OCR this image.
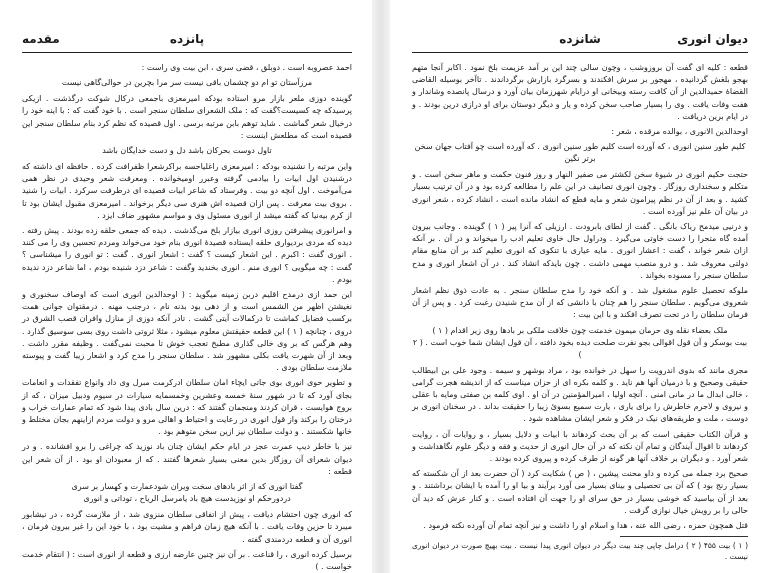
پانزده
مقدمه

احمد عصروبه است . دوبلق ، قضى سرى ، ابن بيت وى راست :

مرزآستان تو ام دو چشمان باقی نیست سر مرا بچرین در حوالی‌گاهی نیست

گوینده دوزى ملعر بازار مرو استاده بودکه امیرمعزى باجمعى درکال شوکت درگذشت . ازیکی پرسیدکه چه کسیست؟گفت که : ملک الشعرای سلطان سنجر است . با خود گفت که : با اینه خود را درخیال شعر گماشت . شاید توهم بابن مرتبه برسی . اول قصیده که نظم کرد بنام سلطان سنجر این قصیده است که مطلعش اینست :

تاول‌ دوست بحرکان باشد دل و دست خدایگان باشد

واین مرتبه را نشنیده بودکه : امیرمعزى راغلیاحسه براکرشعرا ظفرافت کرده . حافظه ای داشته که درشنیدن اول ابیات را بیادمی گرفته وعبرر اومیخوانده . ومعرفت شعر وحیدی در نظر همی می‌آموخت . اول آنچه دو بیت . وفرستاد که شاعر ابیات قصیده ای درطرفت سرکرد . ابیات را شنید . بروی بیت معرفت . پس ازان قصیده اش هنری سی دیگر برخواند . امیرمعزى مقبول ایشان بود تا از کرم بیه‌نیا که گفته میشد از انوری مسئول وی و مواسم مشهور ضاف ایزد .

و امرانوری پیشرفتن روزی انوری بیازار بلخ می‌گذشت . دیده که جمعی حلقه زده بودند . پیش رفته . دیده که مردی بردیواری حلقه ایستاده قصیدهٔ انوری بنام خود می‌خواند ومردم تحسین وی را می کنند . انوری گفت : اکبرم . این اشعار کیست ؟ گفت : اشعار انوری . گفت : تو انوری را میشناسی ؟ گفت : چه میگویی ؟ انوری منم . انوری بخندید وگفت : شاعر دزد شنیده بودم ، اما شاعر دزد ندیده بودم .

این حمد ازی درمدح اقلیم دربن زمینه میگوید : ( اوحدالدین انوری است که اوصاف سخنوری و نغیشتن اظهر من الشمس است و از دهی بود بدنه نام ، درجنب مهنه . درمقتوان جوانی همت برکسب فضایل کماشت تا درکمالات آیتی گشت . تادر آنکه دوزی از منازل وافران قصب الشرق در دروی ، چنانچه ( ۱ ) این قطعه حقیقتش معلوم میشود ، مثلا ثروتی داشت روی بسی سوسیق گذارد . وهم هرگس که بر وی خالی گذاری مطبخ تعجب خوش تا محبت نمی‌گفت . وظیفه مقرر داشت . وبعد از آن شهرت یافت بکلی مشهور شد . سلطان سنجر را مدح کرد و اشعار زیبا گفت و پیوسته ملازمت سلطان بودی .

و تطویر حوی انوری بوی جاتی ایچاء امان سلطان ادرکرمت مبرل وی داد وانواع تفقدات و انعامات بجای آورد که تا در شهور سنهٔ خمسه وعشرین وخمسمایه سیارات در سیوم ودبیل میزان ، که از بروج هوایست ، قران کردند ومنجمان گفتند که : درین سال بادی پیدا شود که تمام عمارات خراب و درختان را برکند واز قول انوری در رعایت و احتیاط و اهالی مرو و دولت مردم ازاینهم بجان مختلط و خانها شکستند . و دولت سلطان نیز ازین سخن متوهم بود .

نیز با خاطر دیپ عمرت عجز در ایام حکم ایشان چنان باد نوزید که چراغی را برو افشانده . و در دیوان شعرای آن روزگار بدین معنی بسیار شعرها گفتند . که از معبودان او بود . از آن شعر این قطعه :

گفتا انوری که از اثر بادهای سخت ویران شودعمارت و کهسار بر سری
دردورحکم او نوزیدست هیچ باد یامرسل الریاح ، توداتی و انوری

که انوری چون احتشام دیافت ، پیش از اتفاقی سلطان منزوی شد ، از ملازمت گرده ، در نیشابور میبرد تا حزین وفات یافت . با آنکه هیچ زمان فراهم و مشیت بود ، با خود این را غیر بیرون فرمان ، انوری آن و قطعه دردمندی گفته .

برسیل کرده انوری ، را قناعت . بر آن نیز چنین عارضه ارزی و قطعه از انوری است : ( انتقام خدمت خواست . )

دیوان انوری
شانزده

قطعه : کلیه ای گفت آن بروزوشب ، وچون سالی چند این بر آمد عزیمت بلخ نمود . اکابر آنجا متهم بهجو بلغش گردانیده ، مهجور بر سرش افکندند و بسرگرد بازارش برگرداندند . تاآخر بوسیله القاضی القضاهٔ حمیدالدین از آن کافت رسته وبیخانی او درایام شهرزمان بیان آورد و درسال پانصده وشاندار و هفت وفات یافت . وی را بسیار صاحب سخن کرده و یار و دیگر دوستان برای او درازی درین بودند . و در ایام برین دریافت .

اوحدالدین الانوری ، بوالده مرقده ، شعر :

کلیم طور سنین انوری ، که آورده است کلیم طور سنین انوری . که آورده است چو آفتاب جهان سخن برتر نگین

حتجت حکیم انوری در شیوهٔ سخن لکشتر می صفیر النهار و روز فنون حکمت و ماهر سخن است . و متکلم و سخنداری روزگار . وچون انوری تصانیف در این علم را مطالعه کرده بود و در آن ترتیب بسیار کشید . و بعد از آن در نظم پیرامون شعر و مایه قطع که انشاد مانده است ، انشاد کرده ، شعر انوری در بیان آن علم نیز آورده است .

و درنیی میدمح ریاک بانگی . گفت از لطای بابرودت . ارزیلی که آنرا پیر ( ۱ ) گوینده . وجانب بیرون آمده گاه متحرا را دست خاوتی می‌گیرد . ودراول حال خاوی تعلیم ادب را میخواند و در آن . بر آنکه ازان شعر خواند ، گفت : اعشار انوری . مایه عیاری با تنکوی که انوری تعلیم کند بر آن منابع مقام دولتی معروف شد . و درو منصب مهمی داشت . چون بایدکه انشاد کند . در آن اشعار انوری و مدح سلطان سنجر را مسوده بخواند .

ملوکه تحصیل علوم مشغول شد . و آنکه خود را مدح سلطان سنجر . به عادت ذوق نظم اشعار شعروی می‌گویم . سلطان سنجر را هم چنان با دانشی که از آن مدح شنیدن رغبت کرد . و پس از آن فرمان سلطان را در تحت تصرف افکند و با این بیت :

ملک بعضاء نقله وی حرمان میمون خدمتت چون خلافت ملکی بر بادها روی زیر اقدام ( ۱ )
بیت بوسکر و آن قول اقوالی بجو نفرت صلحت دیده بخود دافته ، آن قول ایشان شما خوب است . ( ۲ )

مجری مانند که بدوی اندرویت را سهل در خوانده بود ، مراد بوشهر و سیمه . وجود علی بن ابیطالب حقیقی وصحیح و با درمیان آنها هم ناید . و کلمه بکره ای از حزان میناست که از اندیشه هجرت گرامی ، خالی ابدال ما در مانی امنی . آنچه اولیا ، امیرالمؤمنین در آن او . اوی کلمه بن صفتی ومایه با عقلی و نیروی و لاجرم خاطرش را برای یاری ، یارت سمیع بسوئ زیبا را حقیقت بداند . در سخنان انوری بر دوست ، ملت و طریقه‌های نیک در فکر و شعر ایشان مشاهده شود .

و قرآن الکتاب حقیقی است که بر آن بحث کردهاند با ابیات و دلایل بسیار ، و روایات آن ، روایت کردهاند تا اقوال آیندگان و تمام آن نکته که در آن حال انوری از حدیث و فقه و دیگر علوم نگاهداشت و شعر آورد . و دیگران بر خلاف آنها هر گونه از طرف کرده و پیروی کرده بودند .

صحیح برد جمله می کرده و داو محنت پیشین ، ( ص ) شکایت کرد ( آن حضرت بعد از آن شکسته که بسیار رنج بود ) که آن بی تحصیلی و بینای بسیار می آورد برآیند و بیا او را آمده با ایشان برداشتند . و بعد از آن بیاسید که خوشی بسیار در حق سرای او را جهت آن افتاده است . و کنار عرش که دید آن حالی را بر رویش خیال نوازی گرفت .

قتل همچون حمزه ، رضی الله عنه ، هدا و اسلام او را داشت و نیز آنچه تمام آن آورده نکته فرمود .

( ۱ ) بیت ۴۵۵ ( ۲ ) درامل چاپی چند بیت دیگر در دیوان انوری پیدا نیست . بیت بهیچ صورت در دیوان انوری نیست .
